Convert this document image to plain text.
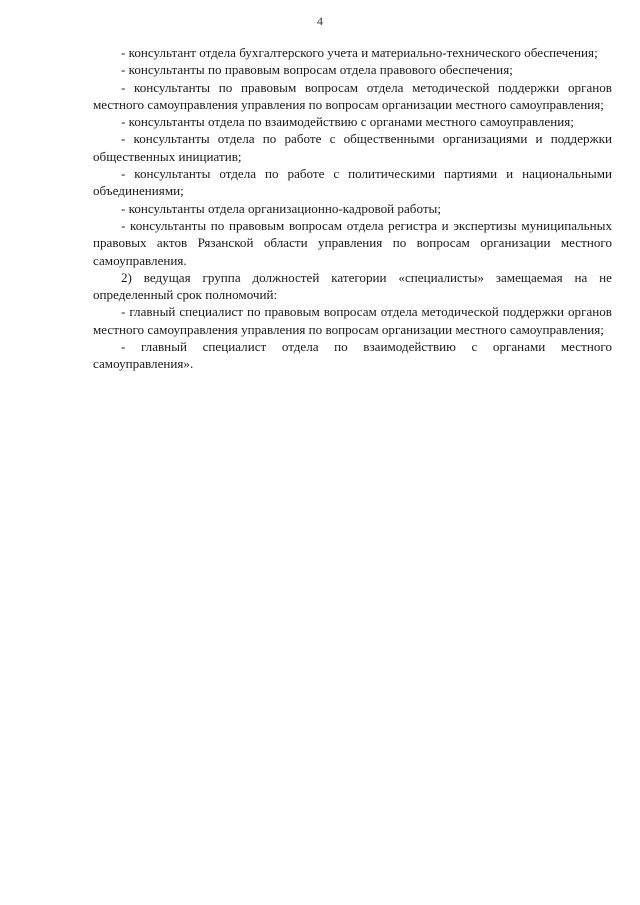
4

- консультант отдела бухгалтерского учета и материально-технического обеспечения;

- консультанты по правовым вопросам отдела правового обеспечения;

- консультанты по правовым вопросам отдела методической поддержки органов местного самоуправления управления по вопросам организации местного самоуправления;

- консультанты отдела по взаимодействию с органами местного самоуправления;

- консультанты отдела по работе с общественными организациями и поддержки общественных инициатив;

- консультанты отдела по работе с политическими партиями и национальными объединениями;

- консультанты отдела организационно-кадровой работы;

- консультанты по правовым вопросам отдела регистра и экспертизы муниципальных правовых актов Рязанской области управления по вопросам организации местного самоуправления.

2) ведущая группа должностей категории «специалисты» замещаемая на не определенный срок полномочий:

- главный специалист по правовым вопросам отдела методической поддержки органов местного самоуправления управления по вопросам организации местного самоуправления;

- главный специалист отдела по взаимодействию с органами местного самоуправления».
